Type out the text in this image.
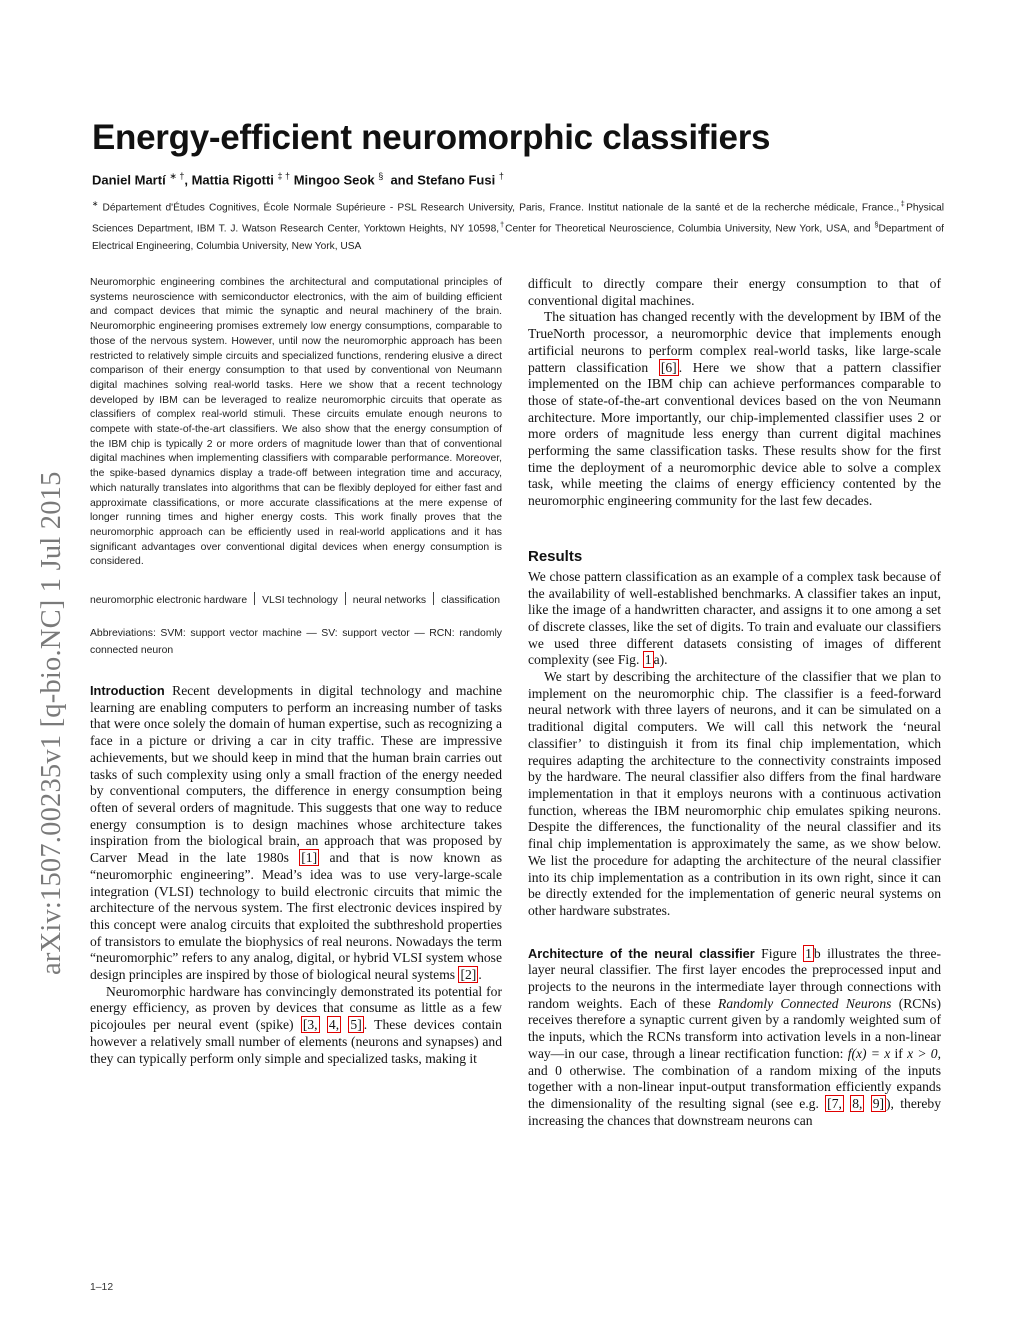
arXiv:1507.00235v1 [q-bio.NC] 1 Jul 2015
Energy-efficient neuromorphic classifiers
Daniel Martí ∗ †, Mattia Rigotti ‡ † Mingoo Seok § and Stefano Fusi †
∗ Département d'Études Cognitives, École Normale Supérieure - PSL Research University, Paris, France. Institut nationale de la santé et de la recherche médicale, France.,‡Physical Sciences Department, IBM T. J. Watson Research Center, Yorktown Heights, NY 10598,†Center for Theoretical Neuroscience, Columbia University, New York, USA, and §Department of Electrical Engineering, Columbia University, New York, USA

Neuromorphic engineering combines the architectural and computational principles of systems neuroscience with semiconductor electronics, with the aim of building efficient and compact devices that mimic the synaptic and neural machinery of the brain. Neuromorphic engineering promises extremely low energy consumptions, comparable to those of the nervous system. However, until now the neuromorphic approach has been restricted to relatively simple circuits and specialized functions, rendering elusive a direct comparison of their energy consumption to that used by conventional von Neumann digital machines solving real-world tasks. Here we show that a recent technology developed by IBM can be leveraged to realize neuromorphic circuits that operate as classifiers of complex real-world stimuli. These circuits emulate enough neurons to compete with state-of-the-art classifiers. We also show that the energy consumption of the IBM chip is typically 2 or more orders of magnitude lower than that of conventional digital machines when implementing classifiers with comparable performance. Moreover, the spike-based dynamics display a trade-off between integration time and accuracy, which naturally translates into algorithms that can be flexibly deployed for either fast and approximate classifications, or more accurate classifications at the mere expense of longer running times and higher energy costs. This work finally proves that the neuromorphic approach can be efficiently used in real-world applications and it has significant advantages over conventional digital devices when energy consumption is considered.

neuromorphic electronic hardware VLSI technology neural networks classification

Abbreviations: SVM: support vector machine — SV: support vector — RCN: randomly connected neuron

Introduction Recent developments in digital technology and machine learning are enabling computers to perform an increasing number of tasks that were once solely the domain of human expertise, such as recognizing a face in a picture or driving a car in city traffic. These are impressive achievements, but we should keep in mind that the human brain carries out tasks of such complexity using only a small fraction of the energy needed by conventional computers, the difference in energy consumption being often of several orders of magnitude. This suggests that one way to reduce energy consumption is to design machines whose architecture takes inspiration from the biological brain, an approach that was proposed by Carver Mead in the late 1980s [1] and that is now known as “neuromorphic engineering”. Mead’s idea was to use very-large-scale integration (VLSI) technology to build electronic circuits that mimic the architecture of the nervous system. The first electronic devices inspired by this concept were analog circuits that exploited the subthreshold properties of transistors to emulate the biophysics of real neurons. Nowadays the term “neuromorphic” refers to any analog, digital, or hybrid VLSI system whose design principles are inspired by those of biological neural systems [2] .

Neuromorphic hardware has convincingly demonstrated its potential for energy efficiency, as proven by devices that consume as little as a few picojoules per neural event (spike) [3, 4, 5] . These devices contain however a relatively small number of elements (neurons and synapses) and they can typically perform only simple and specialized tasks, making it

difficult to directly compare their energy consumption to that of conventional digital machines.

The situation has changed recently with the development by IBM of the TrueNorth processor, a neuromorphic device that implements enough artificial neurons to perform complex real-world tasks, like large-scale pattern classification [6] . Here we show that a pattern classifier implemented on the IBM chip can achieve performances comparable to those of state-of-the-art conventional devices based on the von Neumann architecture. More importantly, our chip-implemented classifier uses 2 or more orders of magnitude less energy than current digital machines performing the same classification tasks. These results show for the first time the deployment of a neuromorphic device able to solve a complex task, while meeting the claims of energy efficiency contented by the neuromorphic engineering community for the last few decades.

Results

We chose pattern classification as an example of a complex task because of the availability of well-established benchmarks. A classifier takes an input, like the image of a handwritten character, and assigns it to one among a set of discrete classes, like the set of digits. To train and evaluate our classifiers we used three different datasets consisting of images of different complexity (see Fig. 1 a).

We start by describing the architecture of the classifier that we plan to implement on the neuromorphic chip. The classifier is a feed-forward neural network with three layers of neurons, and it can be simulated on a traditional digital computers. We will call this network the ‘neural classifier’ to distinguish it from its final chip implementation, which requires adapting the architecture to the connectivity constraints imposed by the hardware. The neural classifier also differs from the final hardware implementation in that it employs neurons with a continuous activation function, whereas the IBM neuromorphic chip emulates spiking neurons. Despite the differences, the functionality of the neural classifier and its final chip implementation is approximately the same, as we show below. We list the procedure for adapting the architecture of the neural classifier into its chip implementation as a contribution in its own right, since it can be directly extended for the implementation of generic neural systems on other hardware substrates.

Architecture of the neural classifier Figure 1 b illustrates the three-layer neural classifier. The first layer encodes the preprocessed input and projects to the neurons in the intermediate layer through connections with random weights. Each of these Randomly Connected Neurons (RCNs) receives therefore a synaptic current given by a randomly weighted sum of the inputs, which the RCNs transform into activation levels in a non-linear way—in our case, through a linear rectification function: f(x) = x if x > 0, and 0 otherwise. The combination of a random mixing of the inputs together with a non-linear input-output transformation efficiently expands the dimensionality of the resulting signal (see e.g. [7, 8, 9] ), thereby increasing the chances that downstream neurons can

1–12
